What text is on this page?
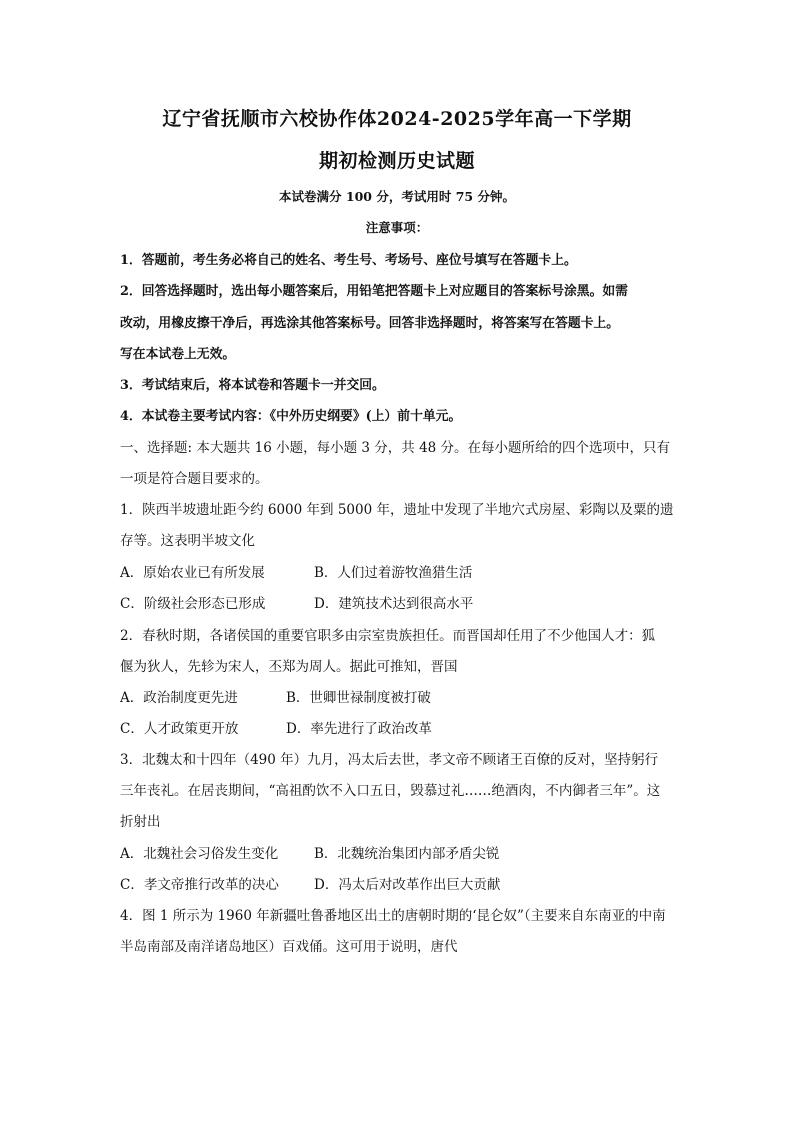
辽宁省抚顺市六校协作体2024-2025学年高一下学期
期初检测历史试题
本试卷满分 100 分，考试用时 75 分钟。
注意事项：
1．答题前，考生务必将自己的姓名、考生号、考场号、座位号填写在答题卡上。
2．回答选择题时，选出每小题答案后，用铅笔把答题卡上对应题目的答案标号涂黑。如需
改动，用橡皮擦干净后，再选涂其他答案标号。回答非选择题时，将答案写在答题卡上。
写在本试卷上无效。
3．考试结束后，将本试卷和答题卡一并交回。
4．本试卷主要考试内容：《中外历史纲要》(上）前十单元。
一、选择题: 本大题共 16 小题，每小题 3 分，共 48 分。在每小题所给的四个选项中，只有
一项是符合题目要求的。
1．陕西半坡遗址距今约 6000 年到 5000 年，遗址中发现了半地穴式房屋、彩陶以及粟的遗
存等。这表明半坡文化
A．原始农业已有所发展	B．人们过着游牧渔猎生活
C．阶级社会形态已形成	D．建筑技术达到很高水平
2．春秋时期，各诸侯国的重要官职多由宗室贵族担任。而晋国却任用了不少他国人才：狐
偃为狄人，先轸为宋人，丕郑为周人。据此可推知，晋国
A．政治制度更先进	B．世卿世禄制度被打破
C．人才政策更开放	D．率先进行了政治改革
3．北魏太和十四年（490 年）九月，冯太后去世，孝文帝不顾诸王百僚的反对，坚持躬行
三年丧礼。在居丧期间，“高祖酌饮不入口五日，毁慕过礼……绝酒肉，不内御者三年”。这
折射出
A．北魏社会习俗发生变化	B．北魏统治集团内部矛盾尖锐
C．孝文帝推行改革的决心	D．冯太后对改革作出巨大贡献
4．图 1 所示为 1960 年新疆吐鲁番地区出土的唐朝时期的‘昆仑奴”（主要来自东南亚的中南
半岛南部及南洋诸岛地区）百戏俑。这可用于说明，唐代
